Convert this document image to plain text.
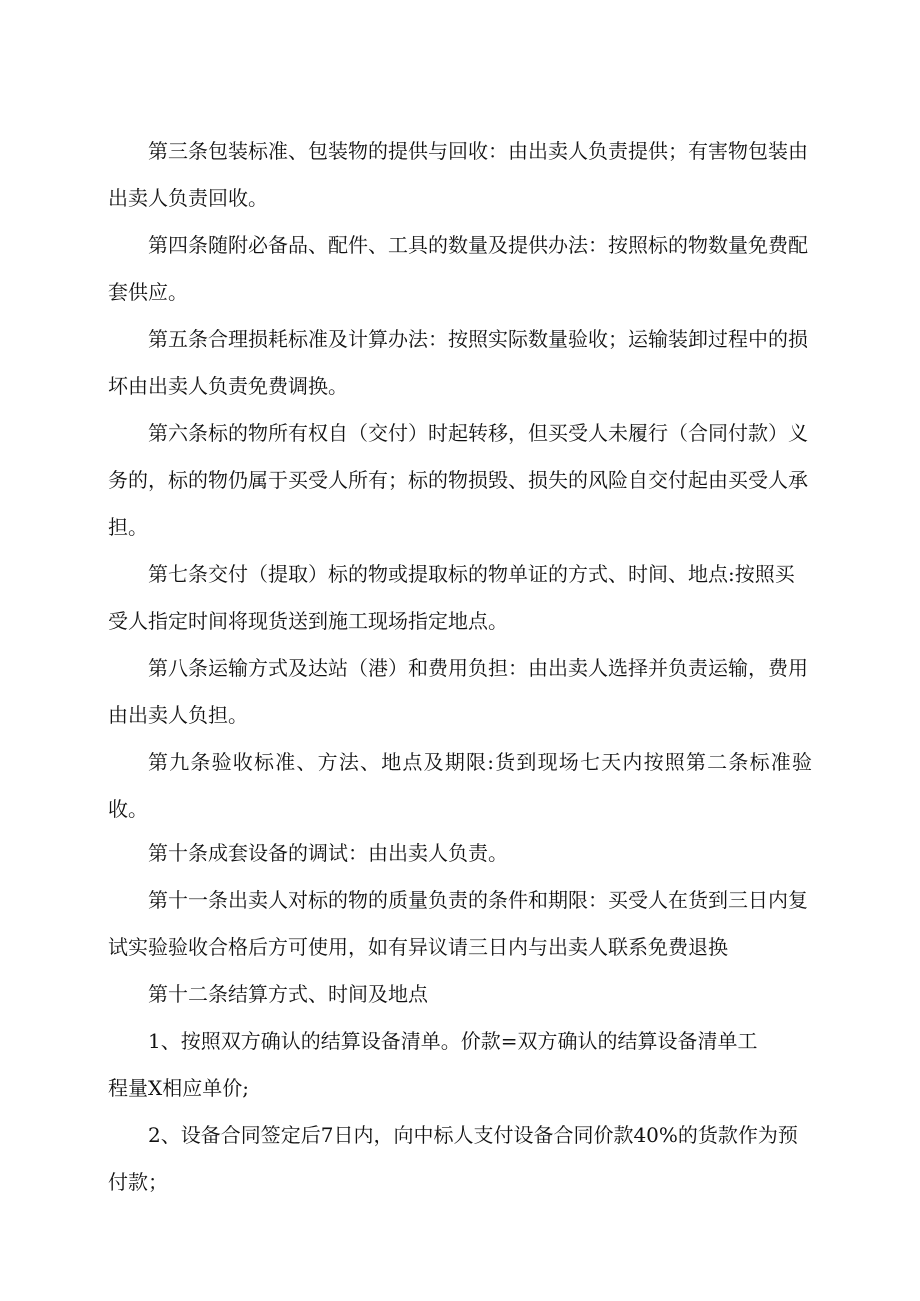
第三条包装标准、包装物的提供与回收：由出卖人负责提供；有害物包装由
出卖人负责回收。

第四条随附必备品、配件、工具的数量及提供办法：按照标的物数量免费配
套供应。

第五条合理损耗标准及计算办法：按照实际数量验收；运输装卸过程中的损
坏由出卖人负责免费调换。

第六条标的物所有权自（交付）时起转移，但买受人未履行（合同付款）义
务的，标的物仍属于买受人所有；标的物损毁、损失的风险自交付起由买受人承
担。

第七条交付（提取）标的物或提取标的物单证的方式、时间、地点:按照买
受人指定时间将现货送到施工现场指定地点。

第八条运输方式及达站（港）和费用负担：由出卖人选择并负责运输，费用
由出卖人负担。

第九条验收标准、方法、地点及期限:货到现场七天内按照第二条标准验收。

第十条成套设备的调试：由出卖人负责。

第十一条出卖人对标的物的质量负责的条件和期限：买受人在货到三日内复
试实验验收合格后方可使用，如有异议请三日内与出卖人联系免费退换

第十二条结算方式、时间及地点

1、按照双方确认的结算设备清单。价款=双方确认的结算设备清单工
程量X相应单价;

2、设备合同签定后7日内，向中标人支付设备合同价款40%的货款作为预
付款；
